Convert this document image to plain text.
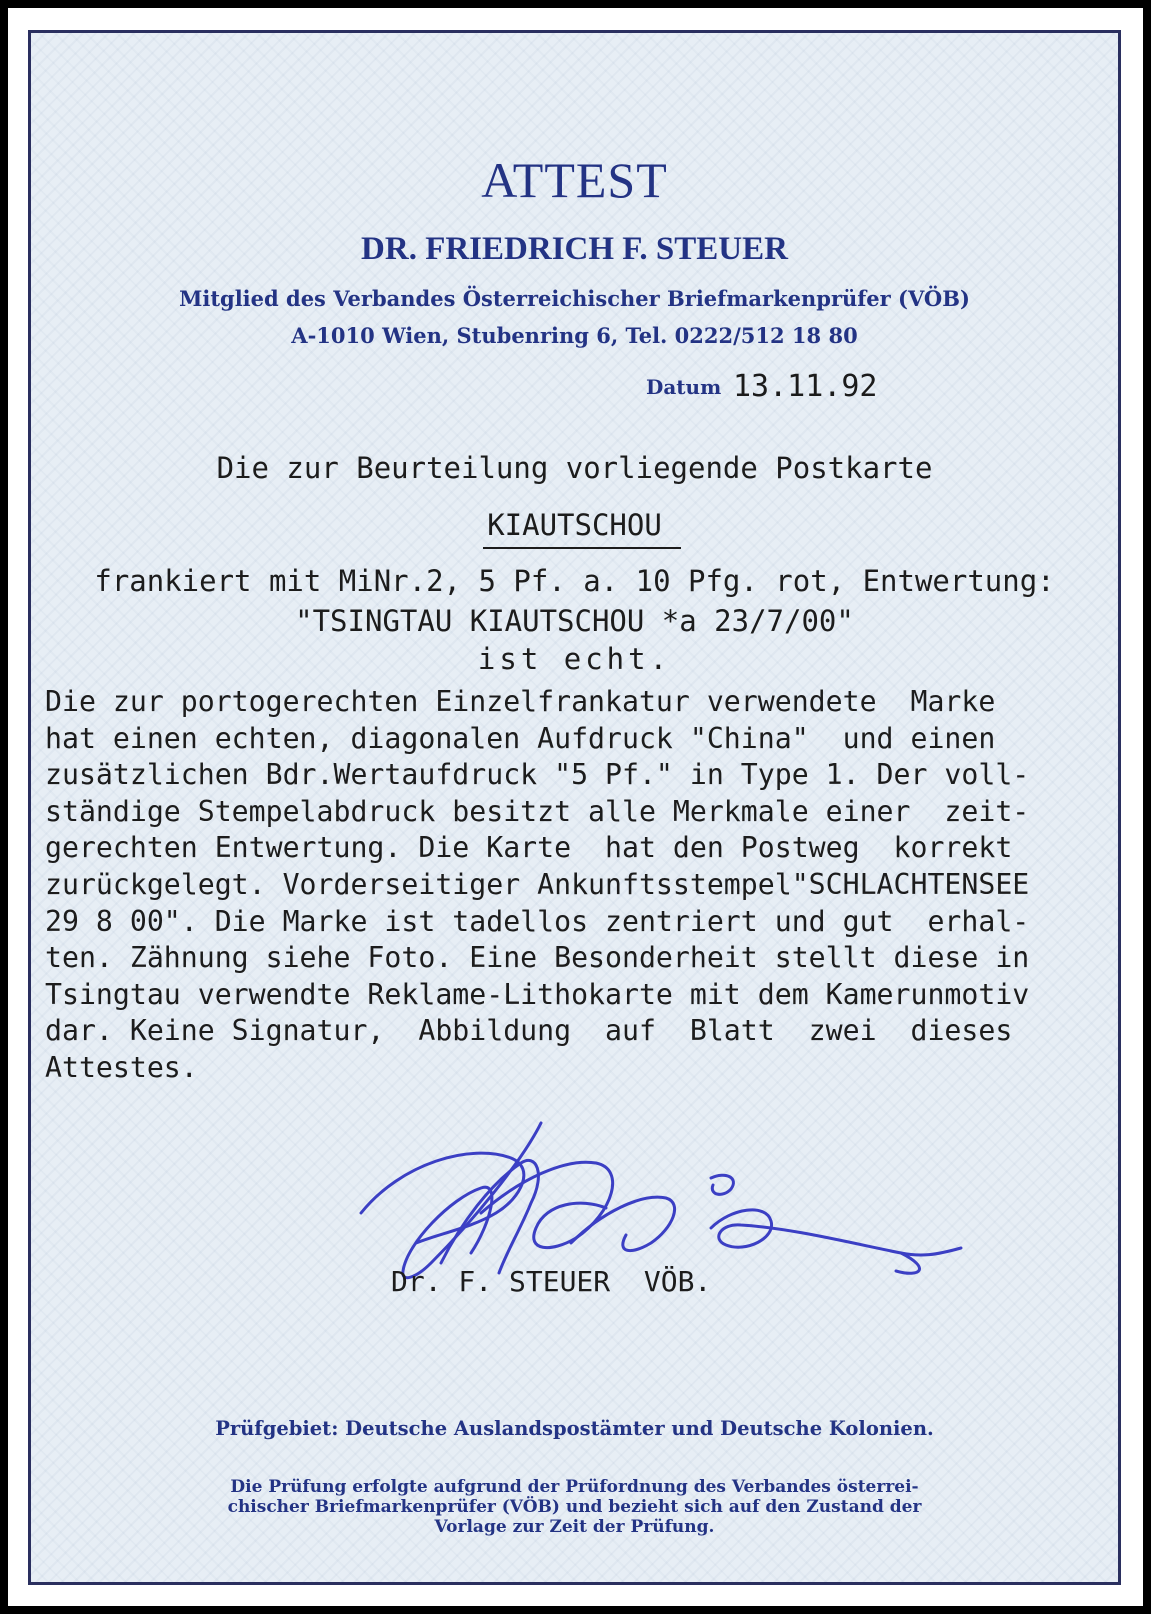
ATTEST
DR. FRIEDRICH F. STEUER
Mitglied des Verbandes Österreichischer Briefmarkenprüfer (VÖB)
A-1010 Wien, Stubenring 6, Tel. 0222/512 18 80
Datum 13.11.92
Die zur Beurteilung vorliegende Postkarte
KIAUTSCHOU
frankiert mit MiNr.2, 5 Pf. a. 10 Pfg. rot, Entwertung:
"TSINGTAU KIAUTSCHOU *a 23/7/00"
ist echt.
Die zur portogerechten Einzelfrankatur verwendete  Marke
hat einen echten, diagonalen Aufdruck "China"  und einen
zusätzlichen Bdr.Wertaufdruck "5 Pf." in Type 1. Der voll-
ständige Stempelabdruck besitzt alle Merkmale einer  zeit-
gerechten Entwertung. Die Karte  hat den Postweg  korrekt
zurückgelegt. Vorderseitiger Ankunftsstempel"SCHLACHTENSEE
29 8 00". Die Marke ist tadellos zentriert und gut  erhal-
ten. Zähnung siehe Foto. Eine Besonderheit stellt diese in
Tsingtau verwendte Reklame-Lithokarte mit dem Kamerunmotiv
dar. Keine Signatur,  Abbildung  auf  Blatt  zwei  dieses
Attestes.
Dr. F. STEUER  VÖB.
Prüfgebiet: Deutsche Auslandspostämter und Deutsche Kolonien.
Die Prüfung erfolgte aufgrund der Prüfordnung des Verbandes österrei-
chischer Briefmarkenprüfer (VÖB) und bezieht sich auf den Zustand der
Vorlage zur Zeit der Prüfung.
